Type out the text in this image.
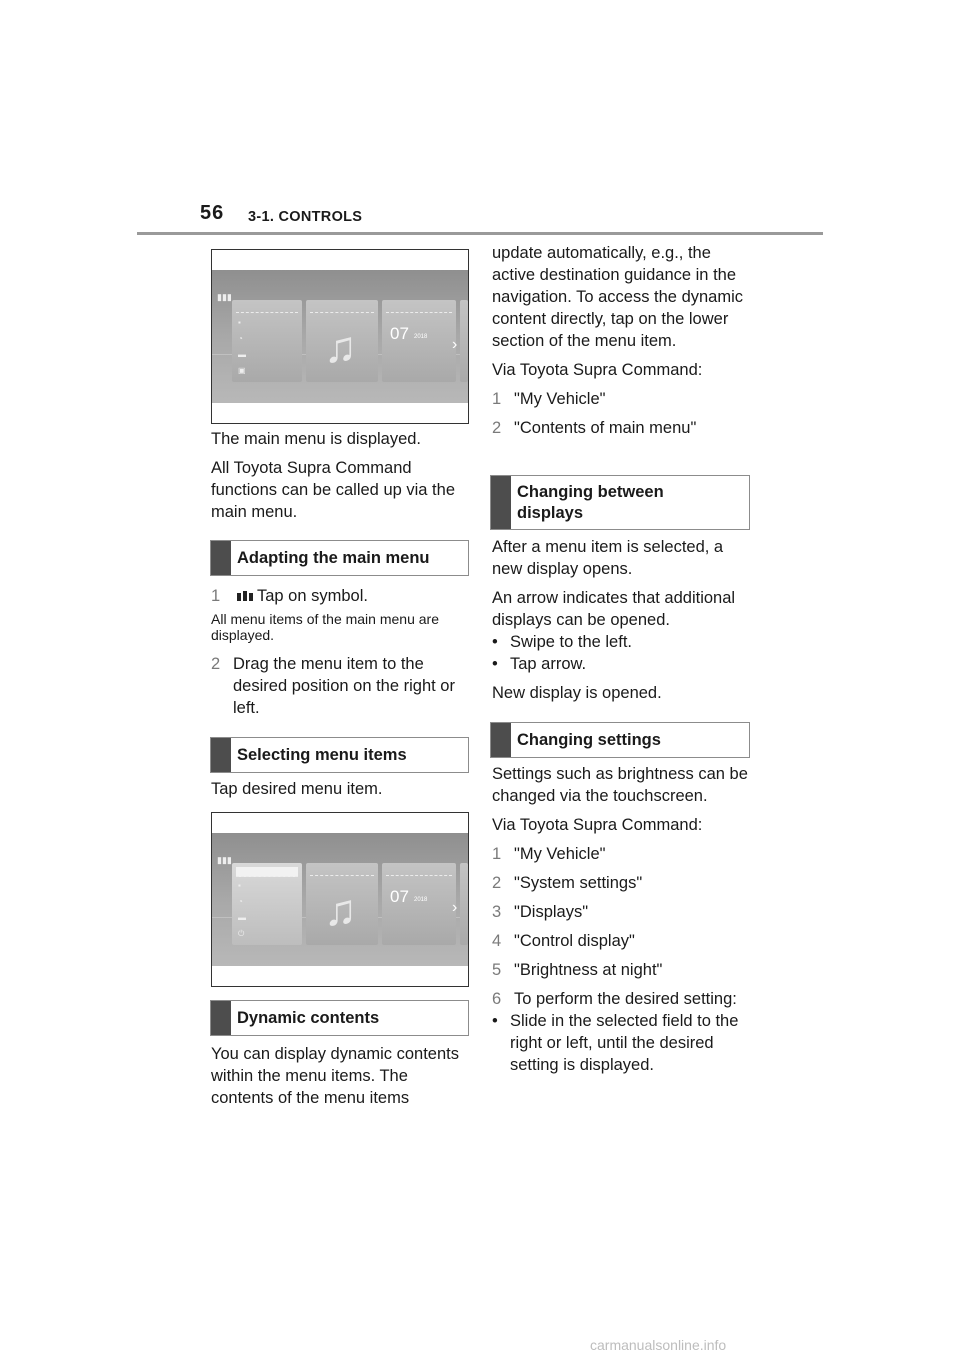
56 3-1. CONTROLS
▮▮▮
▪
◔
▬
▣ ♫ 07 2018 ›

The main menu is displayed.

All Toyota Supra Command functions can be called up via the main menu.

Adapting the main menu

1 Tap on symbol.

All menu items of the main menu are displayed.

2 Drag the menu item to the desired position on the right or left.
Selecting menu items

Tap desired menu item.

▮▮▮
▪
◔
▬
⏻ ♫ 07 2018 ›
Dynamic contents

You can display dynamic contents within the menu items. The contents of the menu items

update automatically, e.g., the active destination guidance in the navigation. To access the dynamic content directly, tap on the lower section of the menu item.

Via Toyota Supra Command:

1 "My Vehicle"
2 "Contents of main menu"
Changing between displays

After a menu item is selected, a new display opens.

An arrow indicates that additional displays can be opened.

• Swipe to the left.
• Tap arrow.

New display is opened.

Changing settings

Settings such as brightness can be changed via the touchscreen.

Via Toyota Supra Command:

1 "My Vehicle"
2 "System settings"
3 "Displays"
4 "Control display"
5 "Brightness at night"
6 To perform the desired setting:
• Slide in the selected field to the right or left, until the desired setting is displayed.
carmanualsonline.info
